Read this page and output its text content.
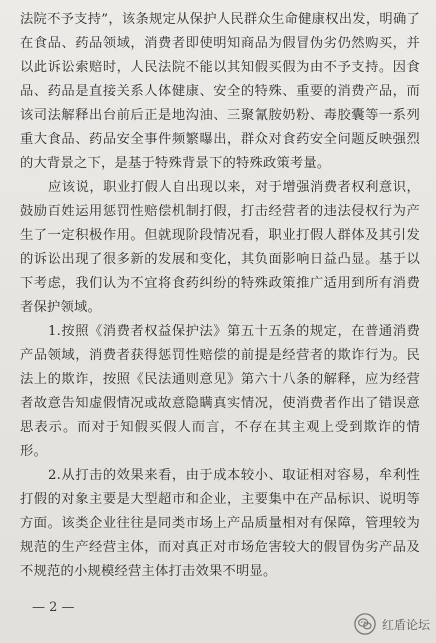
法院不予支持”，该条规定从保护人民群众生命健康权出发，明确了在食品、药品领域，消费者即使明知商品为假冒伪劣仍然购买，并以此诉讼索赔时，人民法院不能以其知假买假为由不予支持。因食品、药品是直接关系人体健康、安全的特殊、重要的消费产品，而该司法解释出台前后正是地沟油、三聚氰胺奶粉、毒胶囊等一系列重大食品、药品安全事件频繁曝出，群众对食药安全问题反映强烈的大背景之下，是基于特殊背景下的特殊政策考量。

应该说，职业打假人自出现以来，对于增强消费者权利意识，鼓励百姓运用惩罚性赔偿机制打假，打击经营者的违法侵权行为产生了一定积极作用。但就现阶段情况看，职业打假人群体及其引发的诉讼出现了很多新的发展和变化，其负面影响日益凸显。基于以下考虑，我们认为不宜将食药纠纷的特殊政策推广适用到所有消费者保护领域。

1.按照《消费者权益保护法》第五十五条的规定，在普通消费产品领域，消费者获得惩罚性赔偿的前提是经营者的欺诈行为。民法上的欺诈，按照《民法通则意见》第六十八条的解释，应为经营者故意告知虚假情况或故意隐瞒真实情况，使消费者作出了错误意思表示。而对于知假买假人而言，不存在其主观上受到欺诈的情形。

2.从打击的效果来看，由于成本较小、取证相对容易，牟利性打假的对象主要是大型超市和企业，主要集中在产品标识、说明等方面。该类企业往往是同类市场上产品质量相对有保障，管理较为规范的生产经营主体，而对真正对市场危害较大的假冒伪劣产品及不规范的小规模经营主体打击效果不明显。

— 2 —
红盾论坛
